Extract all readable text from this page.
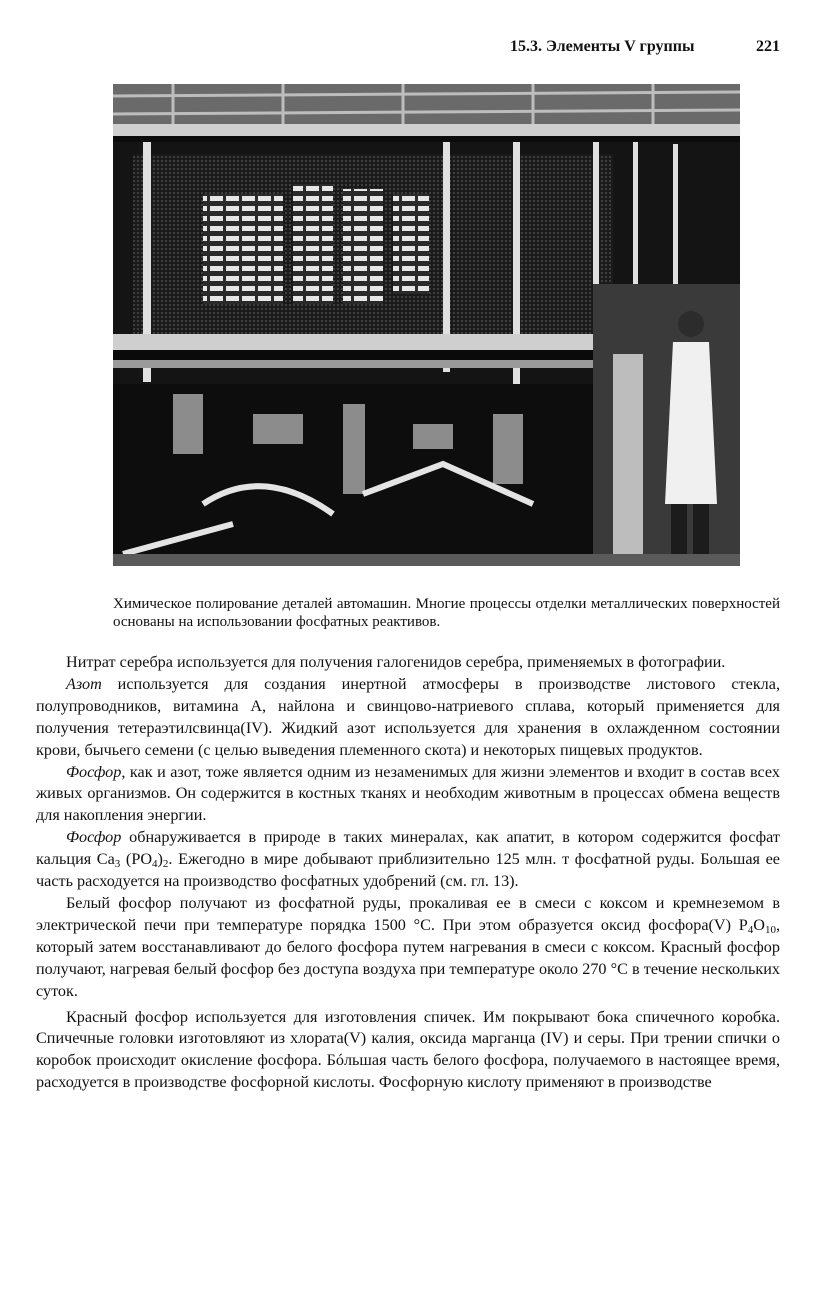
15.3. Элементы V группы	221
Химическое полирование деталей автомашин. Многие процессы отделки металлических поверхностей основаны на использовании фосфатных реактивов.

Нитрат серебра используется для получения галогенидов серебра, применяемых в фотографии.

Азот используется для создания инертной атмосферы в производстве листового стекла, полупроводников, витамина А, найлона и свинцово-натриевого сплава, который применяется для получения тетераэтилсвинца(IV). Жидкий азот используется для хранения в охлажденном состоянии крови, бычьего семени (с целью выведения племенного скота) и некоторых пищевых продуктов.

Фосфор, как и азот, тоже является одним из незаменимых для жизни элементов и входит в состав всех живых организмов. Он содержится в костных тканях и необходим животным в процессах обмена веществ для накопления энергии.

Фосфор обнаруживается в природе в таких минералах, как апатит, в котором содержится фосфат кальция $Ca_3$ $(PO_4)_2$. Ежегодно в мире добывают приблизительно 125 млн. т фосфатной руды. Большая ее часть расходуется на производство фосфатных удобрений (см. гл. 13).

Белый фосфор получают из фосфатной руды, прокаливая ее в смеси с коксом и кремнеземом в электрической печи при температуре порядка 1500 °С. При этом образуется оксид фосфора(V) $P_4O_{10}$, который затем восстанавливают до белого фосфора путем нагревания в смеси с коксом. Красный фосфор получают, нагревая белый фосфор без доступа воздуха при температуре около 270 °С в течение нескольких суток.

Красный фосфор используется для изготовления спичек. Им покрывают бока спичечного коробка. Спичечные головки изготовляют из хлората(V) калия, оксида марганца (IV) и серы. При трении спички о коробок происходит окисление фосфора. Бóльшая часть белого фосфора, получаемого в настоящее время, расходуется в производстве фосфорной кислоты. Фосфорную кислоту применяют в производстве
